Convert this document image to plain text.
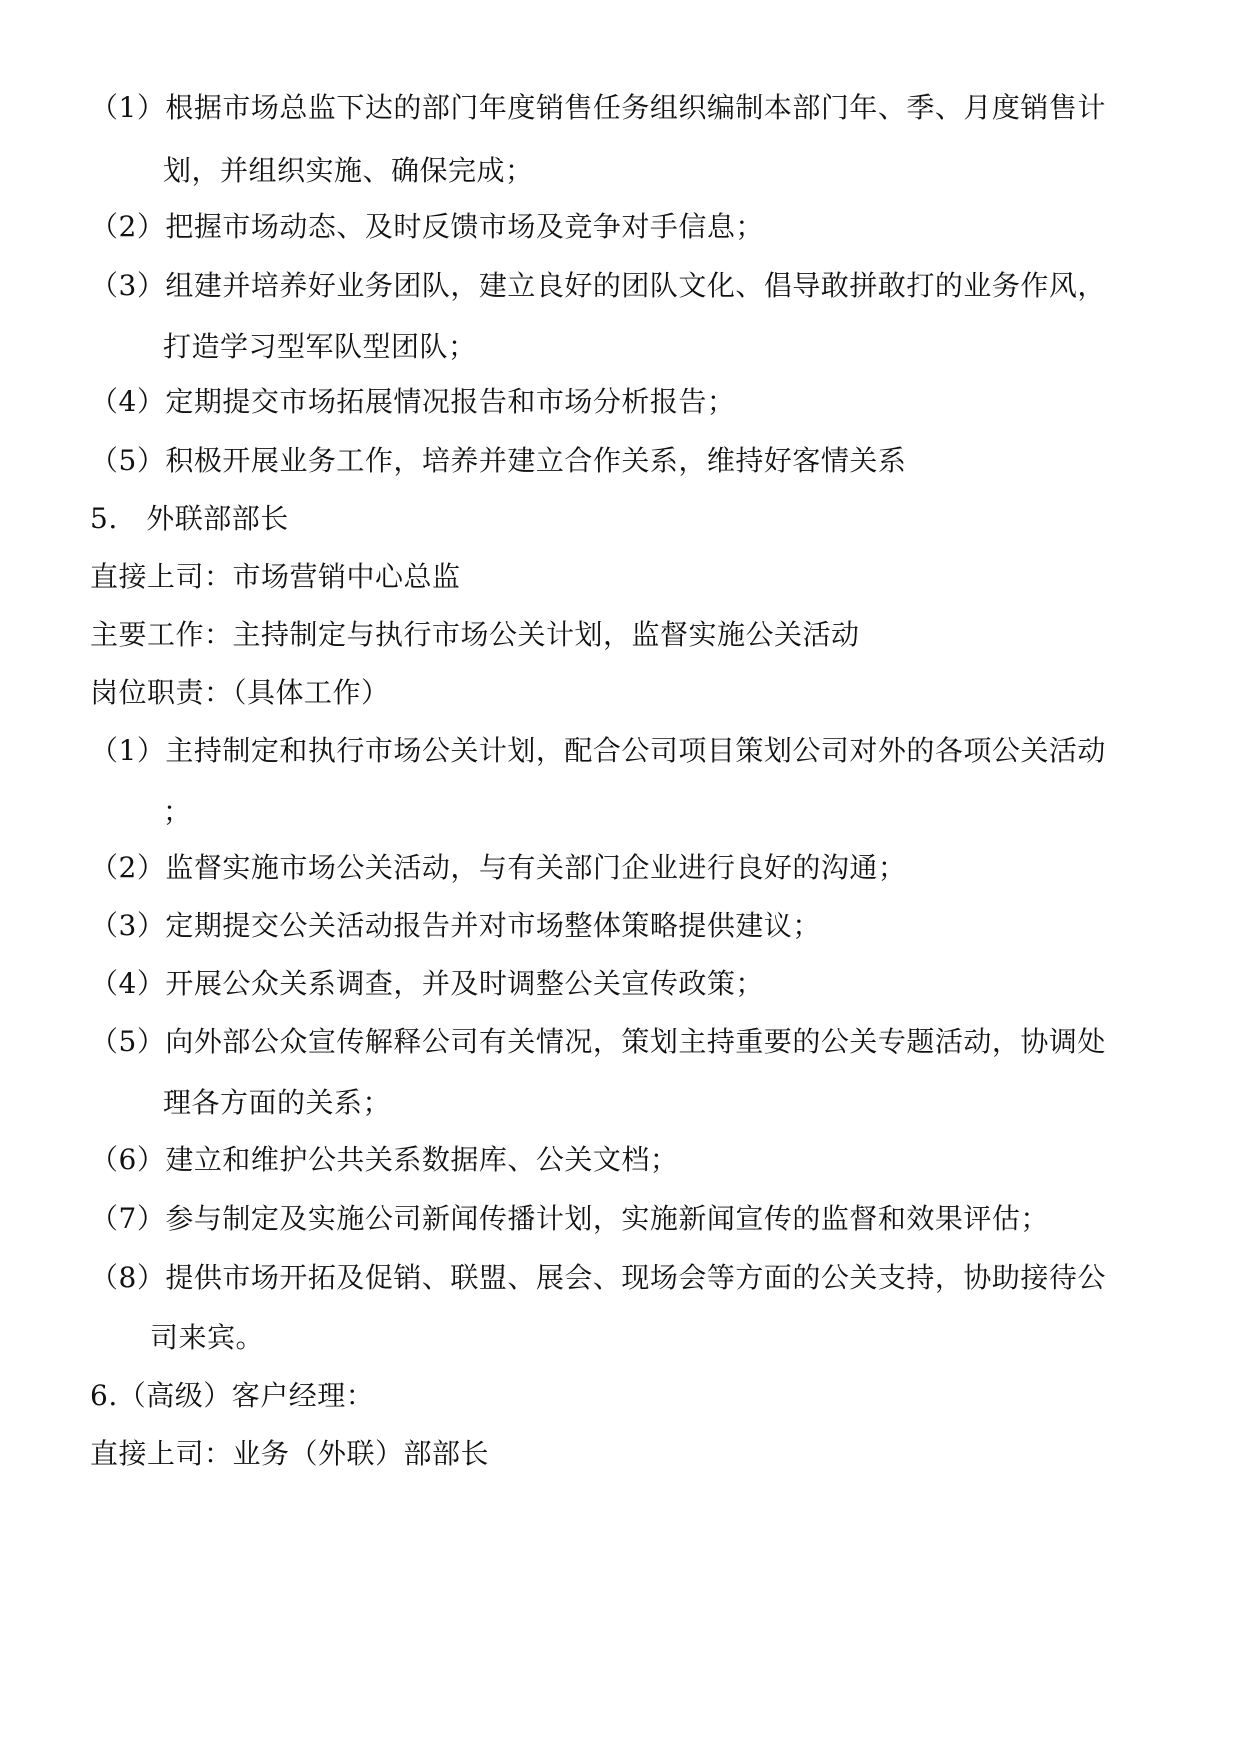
（1）根据市场总监下达的部门年度销售任务组织编制本部门年、季、月度销售计
划，并组织实施、确保完成；
（2）把握市场动态、及时反馈市场及竞争对手信息；
（3）组建并培养好业务团队，建立良好的团队文化、倡导敢拼敢打的业务作风，
打造学习型军队型团队；
（4）定期提交市场拓展情况报告和市场分析报告；
（5）积极开展业务工作，培养并建立合作关系，维持好客情关系
5.　外联部部长
直接上司：市场营销中心总监
主要工作：主持制定与执行市场公关计划，监督实施公关活动
岗位职责：（具体工作）
（1）主持制定和执行市场公关计划，配合公司项目策划公司对外的各项公关活动
；
（2）监督实施市场公关活动，与有关部门企业进行良好的沟通；
（3）定期提交公关活动报告并对市场整体策略提供建议；
（4）开展公众关系调查，并及时调整公关宣传政策；
（5）向外部公众宣传解释公司有关情况，策划主持重要的公关专题活动，协调处
理各方面的关系；
（6）建立和维护公共关系数据库、公关文档；
（7）参与制定及实施公司新闻传播计划，实施新闻宣传的监督和效果评估；
（8）提供市场开拓及促销、联盟、展会、现场会等方面的公关支持，协助接待公
司来宾。
6.（高级）客户经理：
直接上司：业务（外联）部部长
